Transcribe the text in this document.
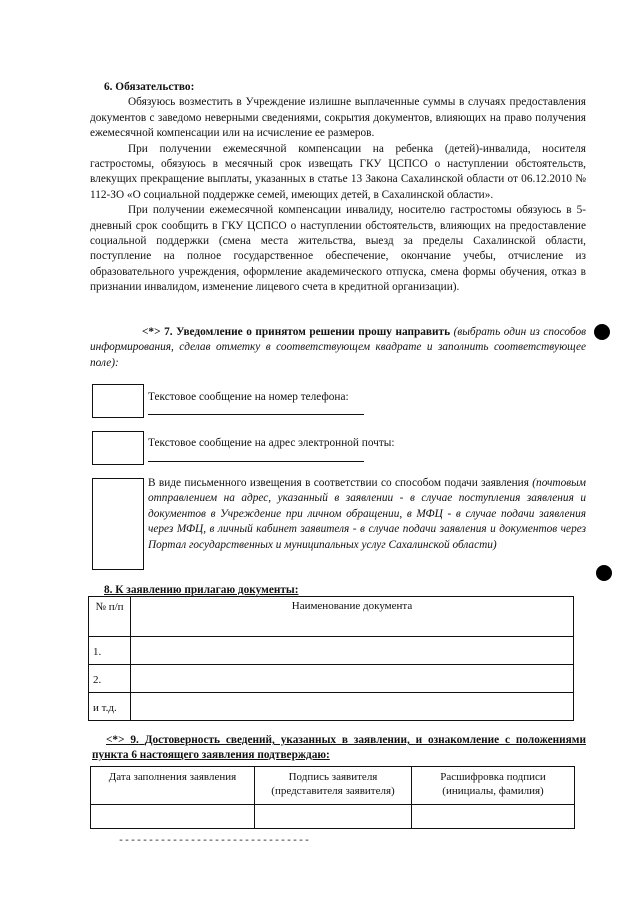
6. Обязательство:

Обязуюсь возместить в Учреждение излишне выплаченные суммы в случаях предоставления документов с заведомо неверными сведениями, сокрытия документов, влияющих на право получения ежемесячной компенсации или на исчисление ее размеров.

При получении ежемесячной компенсации на ребенка (детей)-инвалида, носителя гастростомы, обязуюсь в месячный срок извещать ГКУ ЦСПСО о наступлении обстоятельств, влекущих прекращение выплаты, указанных в статье 13 Закона Сахалинской области от 06.12.2010 № 112-ЗО «О социальной поддержке семей, имеющих детей, в Сахалинской области».

При получении ежемесячной компенсации инвалиду, носителю гастростомы обязуюсь в 5-дневный срок сообщить в ГКУ ЦСПСО о наступлении обстоятельств, влияющих на предоставление социальной поддержки (смена места жительства, выезд за пределы Сахалинской области, поступление на полное государственное обеспечение, окончание учебы, отчисление из образовательного учреждения, оформление академического отпуска, смена формы обучения, отказ в признании инвалидом, изменение лицевого счета в кредитной организации).

<*> 7. Уведомление о принятом решении прошу направить (выбрать один из способов информирования, сделав отметку в соответствующем квадрате и заполнить соответствующее поле):

Текстовое сообщение на номер телефона:
Текстовое сообщение на адрес электронной почты:
В виде письменного извещения в соответствии со способом подачи заявления (почтовым отправлением на адрес, указанный в заявлении - в случае поступления заявления и документов в Учреждение при личном обращении, в МФЦ - в случае подачи заявления через МФЦ, в личный кабинет заявителя - в случае подачи заявления и документов через Портал государственных и муниципальных услуг Сахалинской области)
8. К заявлению прилагаю документы:
№ п/п	Наименование документа
1.	
2.	
и т.д.	

<*> 9. Достоверность сведений, указанных в заявлении, и ознакомление с положениями пункта 6 настоящего заявления подтверждаю:

Дата заполнения заявления	Подпись заявителя (представителя заявителя)	Расшифровка подписи (инициалы, фамилия)

--------------------------------
